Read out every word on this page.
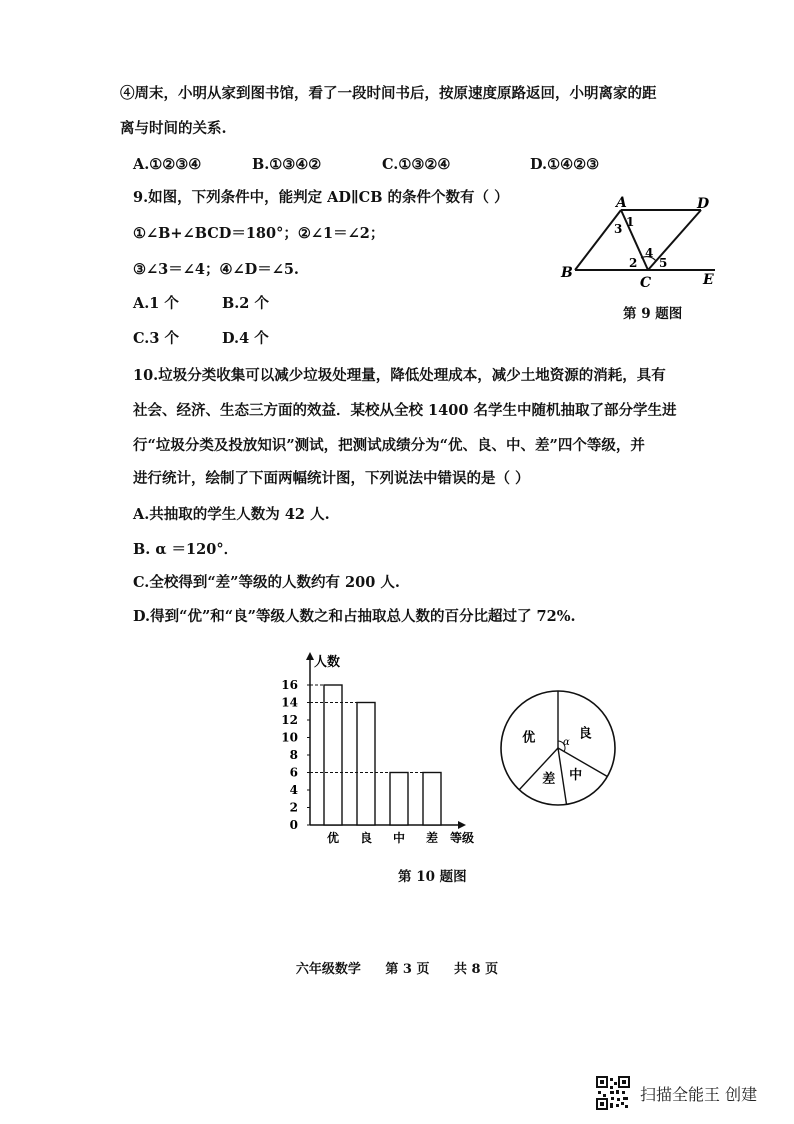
④周末，小明从家到图书馆，看了一段时间书后，按原速度原路返回，小明离家的距
离与时间的关系.
A.①②③④	B.①③④②	C.①③②④	D.①④②③
9.如图，下列条件中，能判定 AD∥CB 的条件个数有（ ）
①∠B+∠BCD＝180°；②∠1＝∠2；
③∠3＝∠4；④∠D＝∠5.
A.1 个	B.2 个
C.3 个	D.4 个
A	D
B
C	E
1
3
2
4
5
第 9 题图
10.垃圾分类收集可以减少垃圾处理量，降低处理成本，减少土地资源的消耗，具有
社会、经济、生态三方面的效益．某校从全校 1400 名学生中随机抽取了部分学生进
行“垃圾分类及投放知识”测试，把测试成绩分为“优、良、中、差”四个等级，并
进行统计，绘制了下面两幅统计图，下列说法中错误的是（ ）
A.共抽取的学生人数为 42 人.
B. α ＝120°．
C.全校得到“差”等级的人数约有 200 人.
D.得到“优”和“良”等级人数之和占抽取总人数的百分比超过了 72%.
人数
等级
0
2
4
6
8
10
12
14
16
优 良 中 差
良
中
差
优	α
第 10 题图
六年级数学 第 3 页 共 8 页
扫描全能王 创建
